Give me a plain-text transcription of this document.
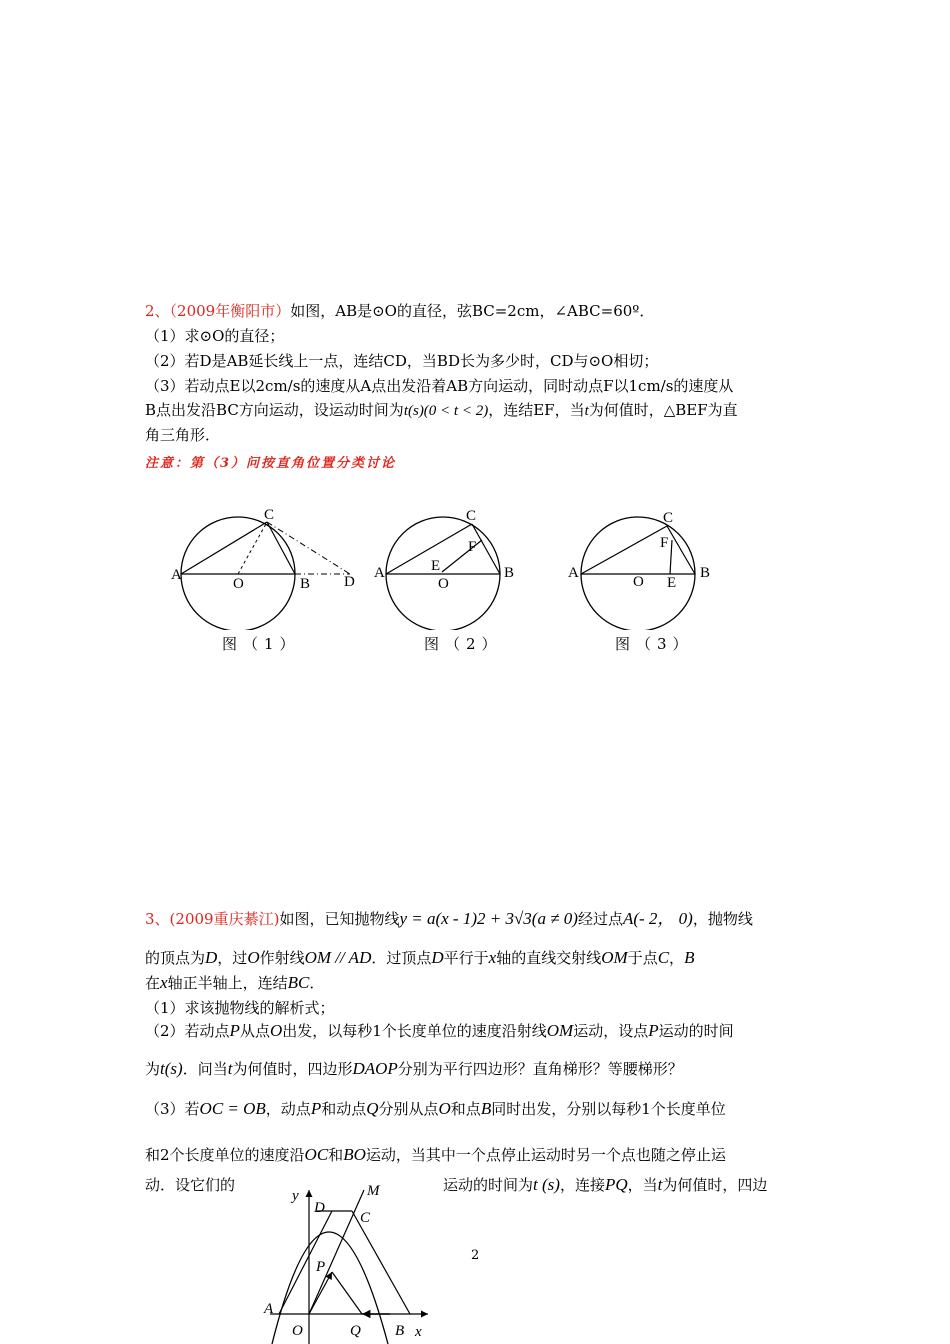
2、（2009年衡阳市）如图，AB是⊙O的直径，弦BC=2cm，∠ABC=60º．
（1）求⊙O的直径；
（2）若D是AB延长线上一点，连结CD，当BD长为多少时，CD与⊙O相切；
（3）若动点E以2cm/s的速度从A点出发沿着AB方向运动，同时动点F以1cm/s的速度从
B点出发沿BC方向运动，设运动时间为t(s)(0 < t < 2)，连结EF，当t为何值时，△BEF为直
角三角形．
注意：第（3）问按直角位置分类讨论
C
A
O	B D
图（1）
C
F
A	E
O
B
图（2）
C
F
A
O E
B
图（3）
3、(2009重庆綦江)如图，已知抛物线y = a(x - 1)2 + 3√3(a ≠ 0)经过点A(- 2， 0)，抛物线
的顶点为D，过O作射线OM // AD．过顶点D平行于x轴的直线交射线OM于点C，B
在x轴正半轴上，连结BC．
（1）求该抛物线的解析式；
（2）若动点P从点O出发，以每秒1个长度单位的速度沿射线OM运动，设点P运动的时间
为t(s)．问当t为何值时，四边形DAOP分别为平行四边形？直角梯形？等腰梯形？
（3）若OC = OB，动点P和动点Q分别从点O和点B同时出发，分别以每秒1个长度单位
和2个长度单位的速度沿OC和BO运动，当其中一个点停止运动时另一个点也随之停止运
动．设它们的	运动的时间为t (s)，连接PQ，当t为何值时，四边
y
D
M
C
P
A
O	Q B x
2
